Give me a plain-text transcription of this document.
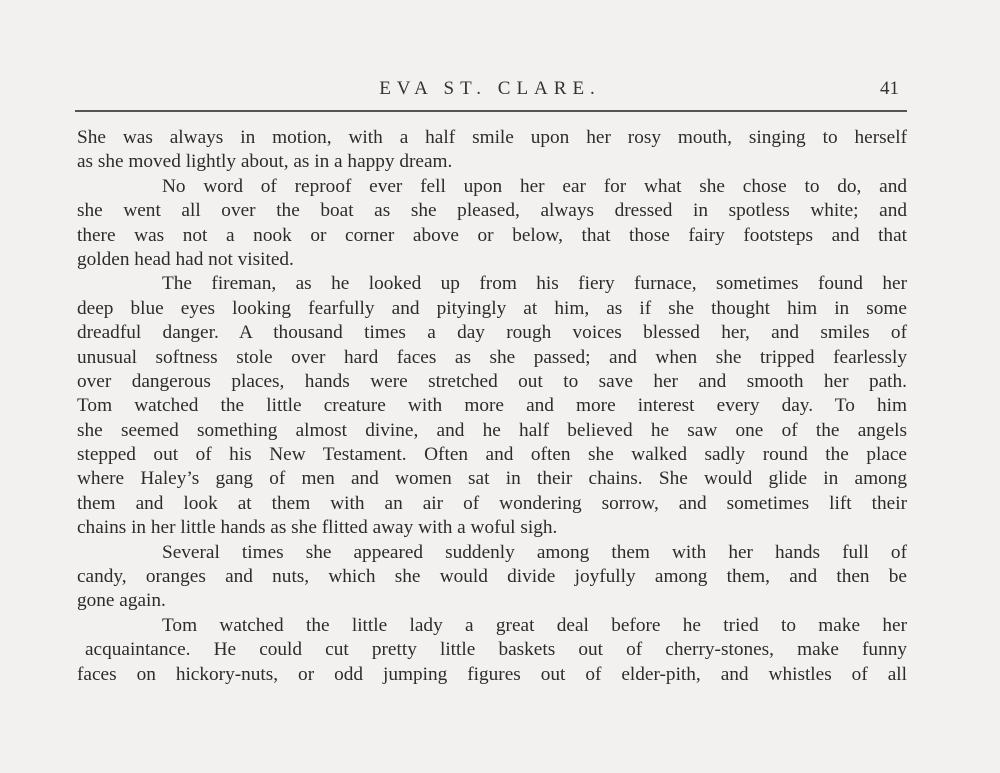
EVA ST. CLARE.	41
She was always in motion, with a half smile upon her rosy mouth, singing to herself
as she moved lightly about, as in a happy dream.
No word of reproof ever fell upon her ear for what she chose to do, and
she went all over the boat as she pleased, always dressed in spotless white; and
there was not a nook or corner above or below, that those fairy footsteps and that
golden head had not visited.
The fireman, as he looked up from his fiery furnace, sometimes found her
deep blue eyes looking fearfully and pityingly at him, as if she thought him in some
dreadful danger. A thousand times a day rough voices blessed her, and smiles of
unusual softness stole over hard faces as she passed; and when she tripped fearlessly
over dangerous places, hands were stretched out to save her and smooth her path.
Tom watched the little creature with more and more interest every day. To him
she seemed something almost divine, and he half believed he saw one of the angels
stepped out of his New Testament. Often and often she walked sadly round the place
where Haley’s gang of men and women sat in their chains. She would glide in among
them and look at them with an air of wondering sorrow, and sometimes lift their
chains in her little hands as she flitted away with a woful sigh.
Several times she appeared suddenly among them with her hands full of
candy, oranges and nuts, which she would divide joyfully among them, and then be
gone again.
Tom watched the little lady a great deal before he tried to make her
acquaintance. He could cut pretty little baskets out of cherry-stones, make funny
faces on hickory-nuts, or odd jumping figures out of elder-pith, and whistles of all
